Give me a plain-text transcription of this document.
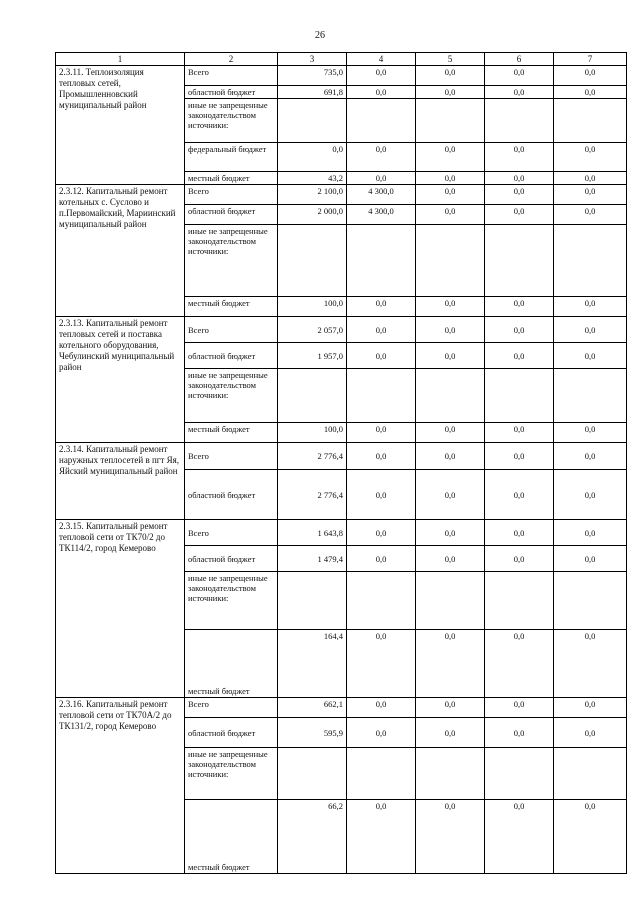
26
1	2	3	4	5	6	7
2.3.11. Теплоизоляция тепловых сетей, Промышленновский муниципальный район	Всего	735,0	0,0	0,0	0,0	0,0
	областной бюджет	691,8	0,0	0,0	0,0	0,0
	иные не запрещенные законодательством источники:					
	федеральный бюджет	0,0	0,0	0,0	0,0	0,0
	местный бюджет	43,2	0,0	0,0	0,0	0,0
2.3.12. Капитальный ремонт котельных с. Суслово и п.Первомайский, Мариинский муниципальный район	Всего	2 100,0	4 300,0	0,0	0,0	0,0
	областной бюджет	2 000,0	4 300,0	0,0	0,0	0,0
	иные не запрещенные законодательством источники:					
	местный бюджет	100,0	0,0	0,0	0,0	0,0
2.3.13. Капитальный ремонт тепловых сетей и поставка котельного оборудования, Чебулинский муниципальный район	Всего	2 057,0	0,0	0,0	0,0	0,0
	областной бюджет	1 957,0	0,0	0,0	0,0	0,0
	иные не запрещенные законодательством источники:					
	местный бюджет	100,0	0,0	0,0	0,0	0,0
2.3.14. Капитальный ремонт наружных теплосетей в пгт Яя, Яйский муниципальный район	Всего	2 776,4	0,0	0,0	0,0	0,0
	областной бюджет	2 776,4	0,0	0,0	0,0	0,0
2.3.15. Капитальный ремонт тепловой сети от ТК70/2 до ТК114/2, город Кемерово	Всего	1 643,8	0,0	0,0	0,0	0,0
	областной бюджет	1 479,4	0,0	0,0	0,0	0,0
	иные не запрещенные законодательством источники:					
	местный бюджет	164,4	0,0	0,0	0,0	0,0
2.3.16. Капитальный ремонт тепловой сети от ТК70А/2 до ТК131/2, город Кемерово	Всего	662,1	0,0	0,0	0,0	0,0
	областной бюджет	595,9	0,0	0,0	0,0	0,0
	иные не запрещенные законодательством источники:					
	местный бюджет	66,2	0,0	0,0	0,0	0,0
